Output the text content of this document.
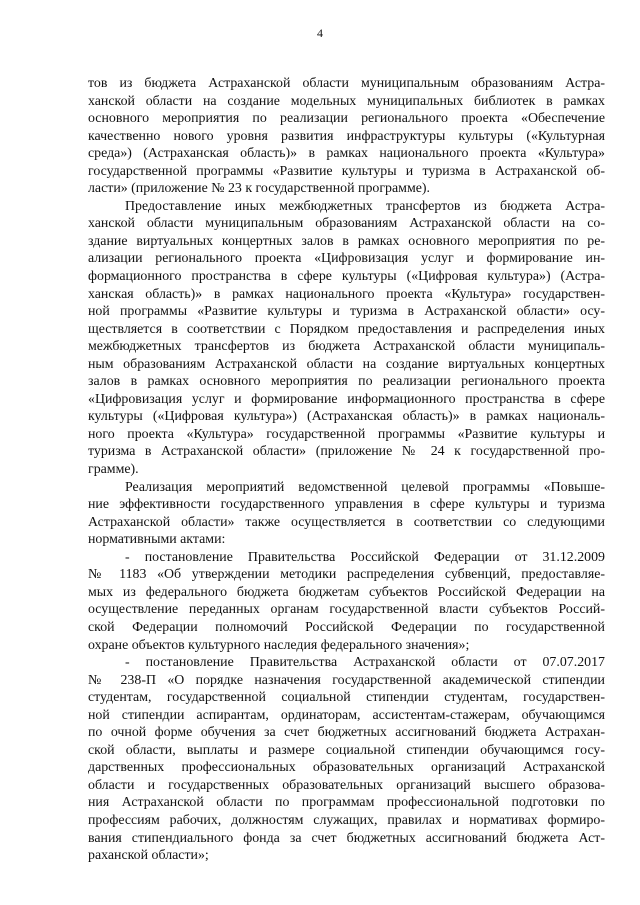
4
тов из бюджета Астраханской области муниципальным образованиям Астра-
ханской области на создание модельных муниципальных библиотек в рамках
основного мероприятия по реализации регионального проекта «Обеспечение
качественно нового уровня развития инфраструктуры культуры («Культурная
среда») (Астраханская область)» в рамках национального проекта «Культура»
государственной программы «Развитие культуры и туризма в Астраханской об-
ласти» (приложение № 23 к государственной программе).
Предоставление иных межбюджетных трансфертов из бюджета Астра-
ханской области муниципальным образованиям Астраханской области на со-
здание виртуальных концертных залов в рамках основного мероприятия по ре-
ализации регионального проекта «Цифровизация услуг и формирование ин-
формационного пространства в сфере культуры («Цифровая культура») (Астра-
ханская область)» в рамках национального проекта «Культура» государствен-
ной программы «Развитие культуры и туризма в Астраханской области» осу-
ществляется в соответствии с Порядком предоставления и распределения иных
межбюджетных трансфертов из бюджета Астраханской области муниципаль-
ным образованиям Астраханской области на создание виртуальных концертных
залов в рамках основного мероприятия по реализации регионального проекта
«Цифровизация услуг и формирование информационного пространства в сфере
культуры («Цифровая культура») (Астраханская область)» в рамках националь-
ного проекта «Культура» государственной программы «Развитие культуры и
туризма в Астраханской области» (приложение № 24 к государственной про-
грамме).
Реализация мероприятий ведомственной целевой программы «Повыше-
ние эффективности государственного управления в сфере культуры и туризма
Астраханской области» также осуществляется в соответствии со следующими
нормативными актами:
- постановление Правительства Российской Федерации от 31.12.2009
№ 1183 «Об утверждении методики распределения субвенций, предоставляе-
мых из федерального бюджета бюджетам субъектов Российской Федерации на
осуществление переданных органам государственной власти субъектов Россий-
ской Федерации полномочий Российской Федерации по государственной
охране объектов культурного наследия федерального значения»;
- постановление Правительства Астраханской области от 07.07.2017
№ 238-П «О порядке назначения государственной академической стипендии
студентам, государственной социальной стипендии студентам, государствен-
ной стипендии аспирантам, ординаторам, ассистентам-стажерам, обучающимся
по очной форме обучения за счет бюджетных ассигнований бюджета Астрахан-
ской области, выплаты и размере социальной стипендии обучающимся госу-
дарственных профессиональных образовательных организаций Астраханской
области и государственных образовательных организаций высшего образова-
ния Астраханской области по программам профессиональной подготовки по
профессиям рабочих, должностям служащих, правилах и нормативах формиро-
вания стипендиального фонда за счет бюджетных ассигнований бюджета Аст-
раханской области»;
